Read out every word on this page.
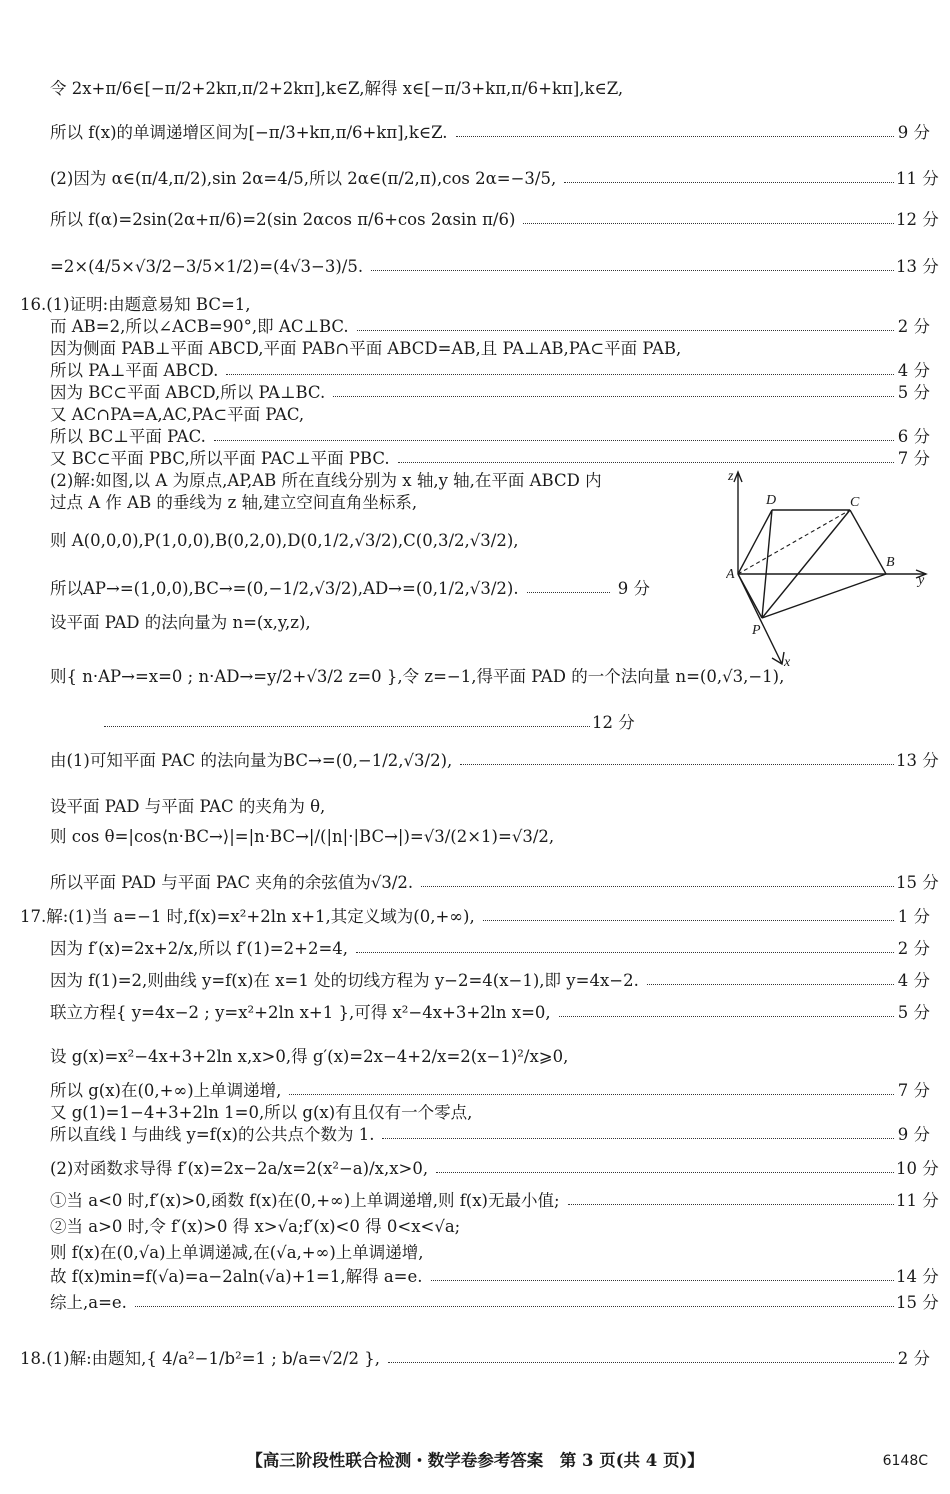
令 2x+π/6∈[−π/2+2kπ,π/2+2kπ],k∈Z,解得 x∈[−π/3+kπ,π/6+kπ],k∈Z,
所以 f(x)的单调递增区间为[−π/3+kπ,π/6+kπ],k∈Z.	9 分
(2)因为 α∈(π/4,π/2),sin 2α=4/5,所以 2α∈(π/2,π),cos 2α=−3/5,	11 分
所以 f(α)=2sin(2α+π/6)=2(sin 2αcos π/6+cos 2αsin π/6)	12 分
=2×(4/5×√3/2−3/5×1/2)=(4√3−3)/5.	13 分
16.(1)证明:由题意易知 BC=1,
而 AB=2,所以∠ACB=90°,即 AC⊥BC.	2 分
因为侧面 PAB⊥平面 ABCD,平面 PAB∩平面 ABCD=AB,且 PA⊥AB,PA⊂平面 PAB,
所以 PA⊥平面 ABCD.	4 分
因为 BC⊂平面 ABCD,所以 PA⊥BC.	5 分
又 AC∩PA=A,AC,PA⊂平面 PAC,
所以 BC⊥平面 PAC.	6 分
又 BC⊂平面 PBC,所以平面 PAC⊥平面 PBC.	7 分
(2)解:如图,以 A 为原点,AP,AB 所在直线分别为 x 轴,y 轴,在平面 ABCD 内
过点 A 作 AB 的垂线为 z 轴,建立空间直角坐标系,
则 A(0,0,0),P(1,0,0),B(0,2,0),D(0,1/2,√3/2),C(0,3/2,√3/2),
所以AP→=(1,0,0),BC→=(0,−1/2,√3/2),AD→=(0,1/2,√3/2).	9 分
设平面 PAD 的法向量为 n=(x,y,z),
则{ n·AP→=x=0 ; n·AD→=y/2+√3/2 z=0 },令 z=−1,得平面 PAD 的一个法向量 n=(0,√3,−1),
12 分
由(1)可知平面 PAC 的法向量为BC→=(0,−1/2,√3/2),	13 分
设平面 PAD 与平面 PAC 的夹角为 θ,
则 cos θ=|cos⟨n·BC→⟩|=|n·BC→|/(|n|·|BC→|)=√3/(2×1)=√3/2,
所以平面 PAD 与平面 PAC 夹角的余弦值为√3/2.	15 分
17.解:(1)当 a=−1 时,f(x)=x²+2ln x+1,其定义域为(0,+∞),	1 分
因为 f′(x)=2x+2/x,所以 f′(1)=2+2=4,	2 分
因为 f(1)=2,则曲线 y=f(x)在 x=1 处的切线方程为 y−2=4(x−1),即 y=4x−2.	4 分
联立方程{ y=4x−2 ; y=x²+2ln x+1 },可得 x²−4x+3+2ln x=0,	5 分
设 g(x)=x²−4x+3+2ln x,x>0,得 g′(x)=2x−4+2/x=2(x−1)²/x⩾0,
所以 g(x)在(0,+∞)上单调递增,	7 分
又 g(1)=1−4+3+2ln 1=0,所以 g(x)有且仅有一个零点,
所以直线 l 与曲线 y=f(x)的公共点个数为 1.	9 分
(2)对函数求导得 f′(x)=2x−2a/x=2(x²−a)/x,x>0,	10 分
①当 a<0 时,f′(x)>0,函数 f(x)在(0,+∞)上单调递增,则 f(x)无最小值;	11 分
②当 a>0 时,令 f′(x)>0 得 x>√a;f′(x)<0 得 0<x<√a;
则 f(x)在(0,√a)上单调递减,在(√a,+∞)上单调递增,
故 f(x)min=f(√a)=a−2aln(√a)+1=1,解得 a=e.	14 分
综上,a=e.	15 分
18.(1)解:由题知,{ 4/a²−1/b²=1 ; b/a=√2/2 },	2 分
z
D	C
A
B
y
P
x
【高三阶段性联合检测・数学卷参考答案　第 3 页(共 4 页)】	6148C
